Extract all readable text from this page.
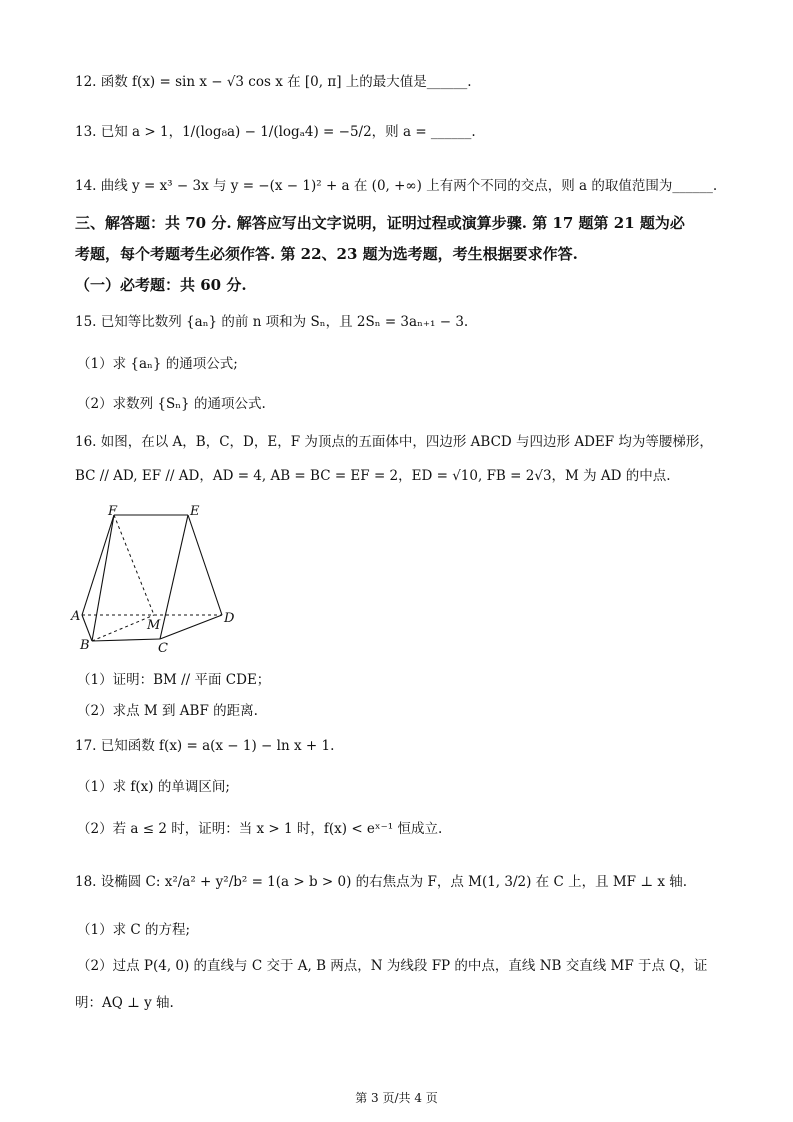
12. 函数 f(x) = sin x − √3 cos x 在 [0, π] 上的最大值是______.
13. 已知 a > 1，1/(log₈a) − 1/(logₐ4) = −5/2，则 a = ______.
14. 曲线 y = x³ − 3x 与 y = −(x − 1)² + a 在 (0, +∞) 上有两个不同的交点，则 a 的取值范围为______.
三、解答题：共 70 分. 解答应写出文字说明，证明过程或演算步骤. 第 17 题第 21 题为必
考题，每个考题考生必须作答. 第 22、23 题为选考题，考生根据要求作答.
（一）必考题：共 60 分.
15. 已知等比数列 {aₙ} 的前 n 项和为 Sₙ，且 2Sₙ = 3aₙ₊₁ − 3.
（1）求 {aₙ} 的通项公式;
（2）求数列 {Sₙ} 的通项公式.
16. 如图，在以 A，B，C，D，E，F 为顶点的五面体中，四边形 ABCD 与四边形 ADEF 均为等腰梯形，
BC // AD, EF // AD，AD = 4, AB = BC = EF = 2，ED = √10, FB = 2√3，M 为 AD 的中点.
F	E
A
M	D
B	C
（1）证明：BM // 平面 CDE；
（2）求点 M 到 ABF 的距离.
17. 已知函数 f(x) = a(x − 1) − ln x + 1.
（1）求 f(x) 的单调区间;
（2）若 a ≤ 2 时，证明：当 x > 1 时，f(x) < eˣ⁻¹ 恒成立.
18. 设椭圆 C: x²/a² + y²/b² = 1(a > b > 0) 的右焦点为 F，点 M(1, 3/2) 在 C 上，且 MF ⊥ x 轴.
（1）求 C 的方程;
（2）过点 P(4, 0) 的直线与 C 交于 A, B 两点，N 为线段 FP 的中点，直线 NB 交直线 MF 于点 Q，证
明：AQ ⊥ y 轴.
第 3 页/共 4 页
